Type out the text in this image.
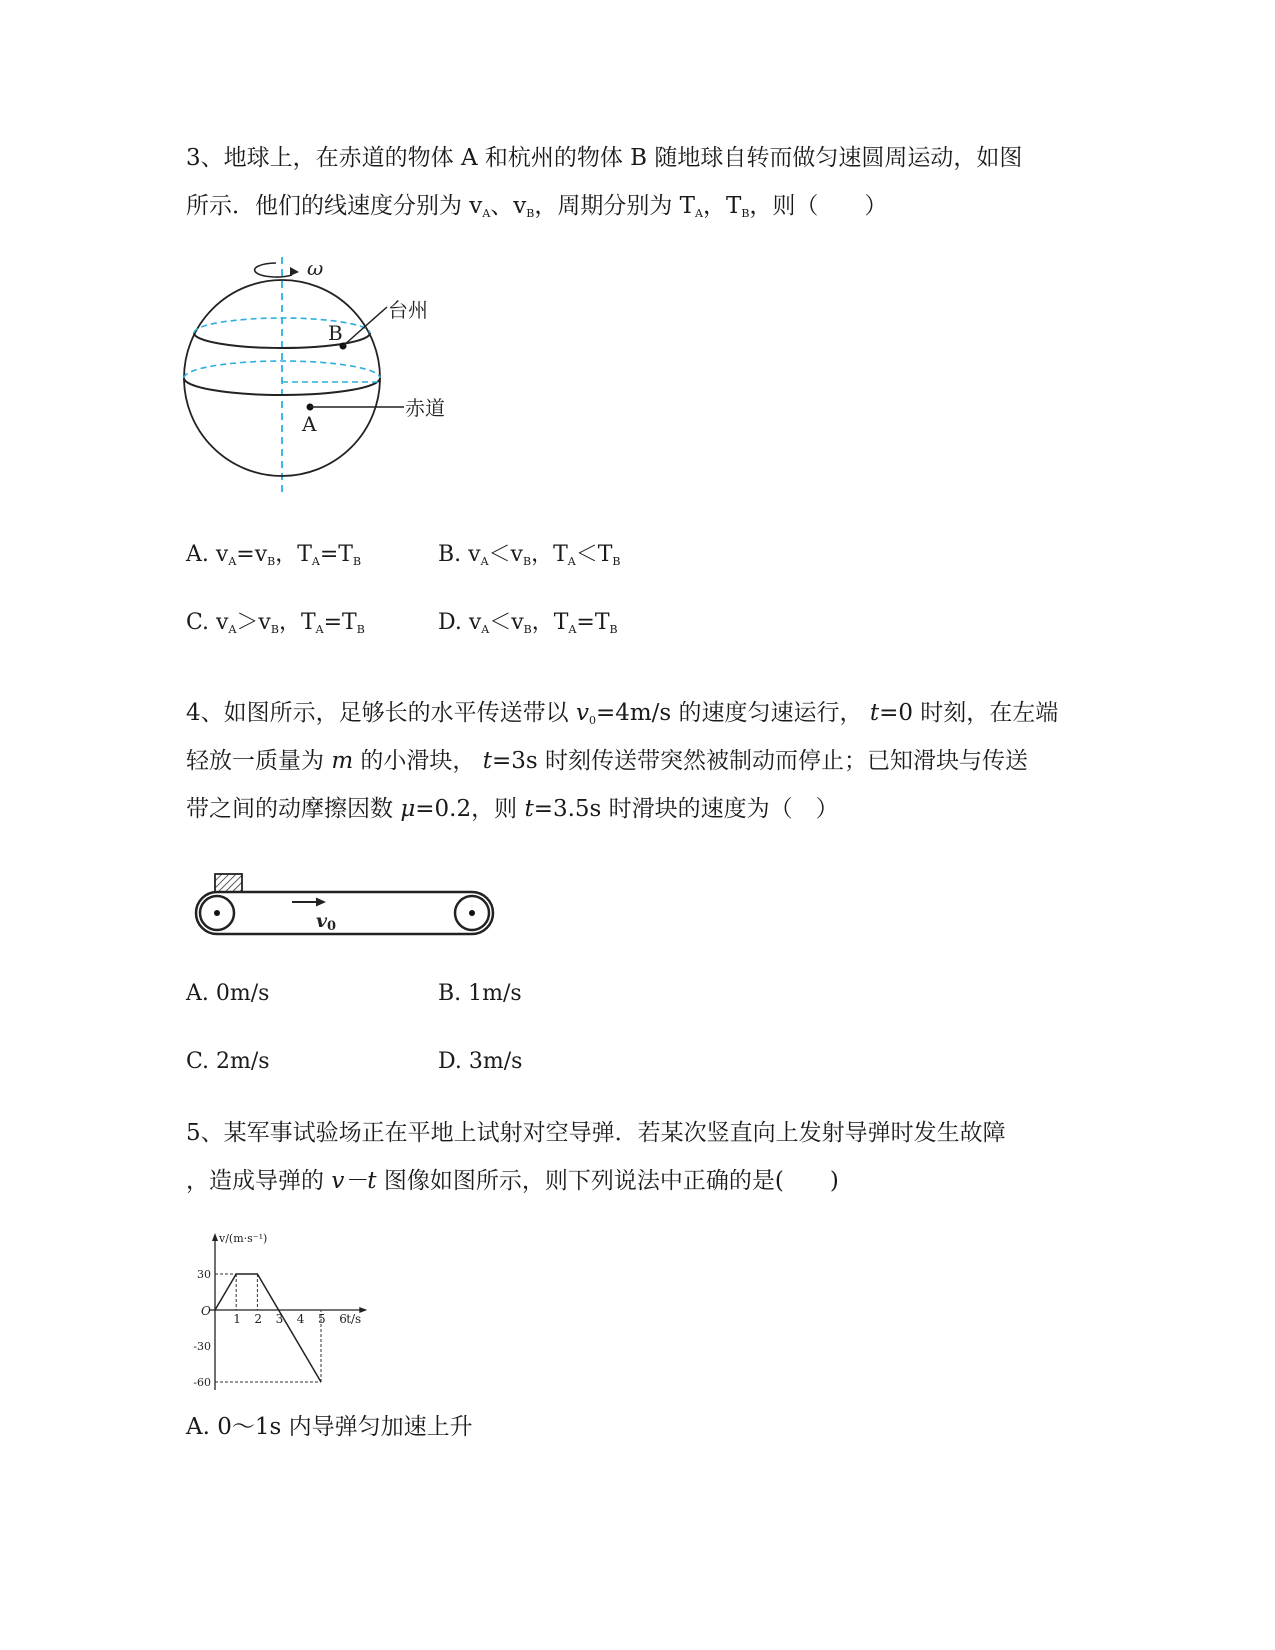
3、地球上，在赤道的物体 A 和杭州的物体 B 随地球自转而做匀速圆周运动，如图
所示．他们的线速度分别为 $v_A$、$v_B$，周期分别为 $T_A$，$T_B$，则（　　）
ω
B
台州
A
赤道
A. $v_A=v_B$，$T_A=T_B$	B. $v_A<v_B$，$T_A<T_B$
C. $v_A>v_B$，$T_A=T_B$	D. $v_A<v_B$，$T_A=T_B$
4、如图所示，足够长的水平传送带以 $v_0=4m/s$ 的速度匀速运行， t=0 时刻，在左端
轻放一质量为 m 的小滑块， t=3s 时刻传送带突然被制动而停止；已知滑块与传送
带之间的动摩擦因数 μ=0.2，则 t=3.5s 时滑块的速度为（　）
v0
A. 0m/s	B. 1m/s
C. 2m/s	D. 3m/s
5、某军事试验场正在平地上试射对空导弹．若某次竖直向上发射导弹时发生故障
，造成导弹的 v－t 图像如图所示，则下列说法中正确的是(　　)
1 2 3 4 5 6
30
-30
-60
O
v/(m·s⁻¹)
t/s
A. 0～1s 内导弹匀加速上升
